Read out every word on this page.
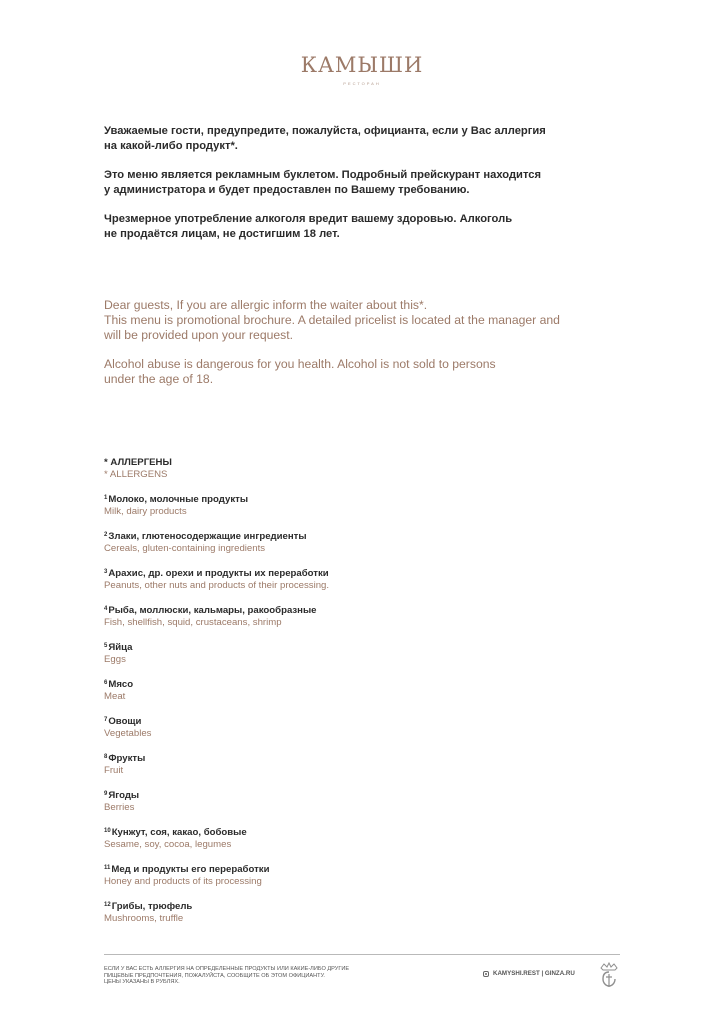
КАМЫШИ
РЕСТОРАН

Уважаемые гости, предупредите, пожалуйста, официанта, если у Вас аллергия
на какой-либо продукт*.

Это меню является рекламным буклетом. Подробный прейскурант находится
у администратора и будет предоставлен по Вашему требованию.

Чрезмерное употребление алкоголя вредит вашему здоровью. Алкоголь
не продаётся лицам, не достигшим 18 лет.

Dear guests, If you are allergic inform the waiter about this*.
This menu is promotional brochure. A detailed pricelist is located at the manager and
will be provided upon your request.

Alcohol abuse is dangerous for you health. Alcohol is not sold to persons
under the age of 18.

* АЛЛЕРГЕНЫ
* ALLERGENS
$^1$Молоко, молочные продукты
Milk, dairy products
$^2$Злаки, глютеносодержащие ингредиенты
Cereals, gluten-containing ingredients
$^3$Арахис, др. орехи и продукты их переработки
Peanuts, other nuts and products of their processing.
$^4$Рыба, моллюски, кальмары, ракообразные
Fish, shellfish, squid, crustaceans, shrimp
$^5$Яйца
Eggs
$^6$Мясо
Meat
$^7$Овощи
Vegetables
$^8$Фрукты
Fruit
$^9$Ягоды
Berries
$^{10}$Кунжут, соя, какао, бобовые
Sesame, soy, cocoa, legumes
$^{11}$Мед и продукты его переработки
Honey and products of its processing
$^{12}$Грибы, трюфель
Mushrooms, truffle
ЕСЛИ У ВАС ЕСТЬ АЛЛЕРГИЯ НА ОПРЕДЕЛЕННЫЕ ПРОДУКТЫ ИЛИ КАКИЕ-ЛИБО ДРУГИЕ
ПИЩЕВЫЕ ПРЕДПОЧТЕНИЯ, ПОЖАЛУЙСТА, СООБЩИТЕ ОБ ЭТОМ ОФИЦИАНТУ.
ЦЕНЫ УКАЗАНЫ В РУБЛЯХ.
KAMYSHI.REST | GINZA.RU
